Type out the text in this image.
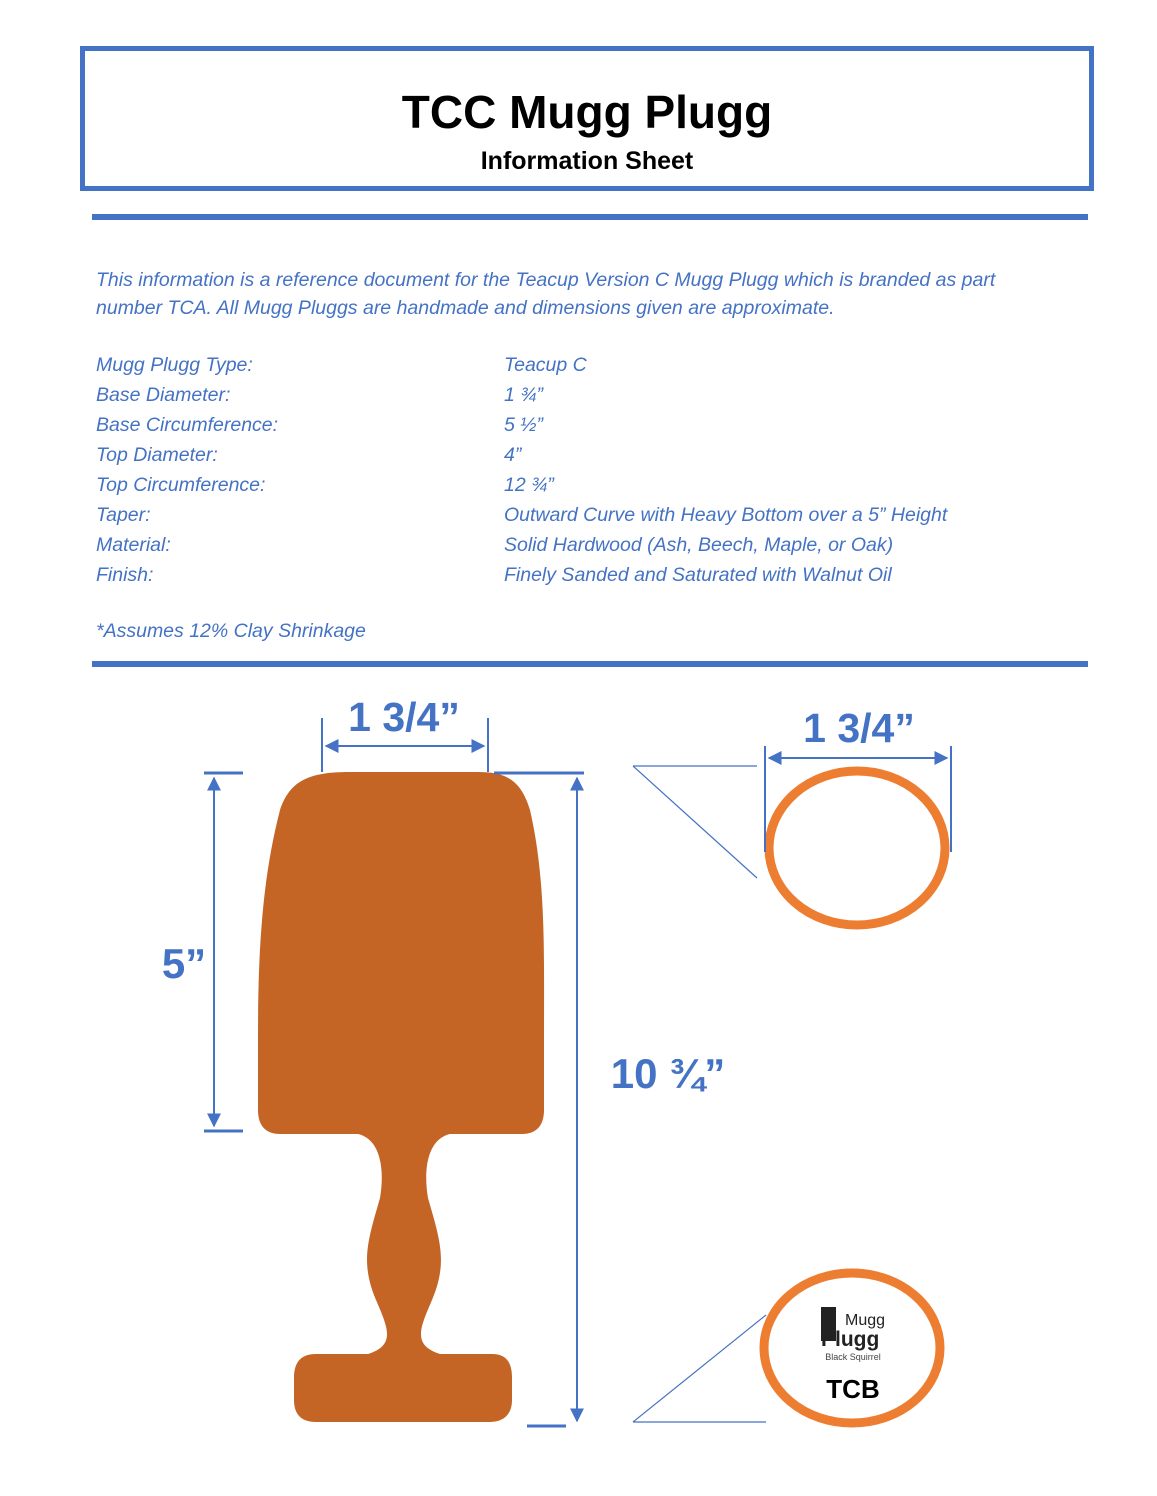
TCC Mugg Plugg
Information Sheet
This information is a reference document for the Teacup Version C Mugg Plugg which is branded as part
number TCA. All Mugg Pluggs are handmade and dimensions given are approximate.
Mugg Plugg Type:	Teacup C
Base Diameter:	1 ¾”
Base Circumference:	5 ½”
Top Diameter:	4”
Top Circumference:	12 ¾”
Taper:	Outward Curve with Heavy Bottom over a 5” Height
Material:	Solid Hardwood (Ash, Beech, Maple, or Oak)
Finish:	Finely Sanded and Saturated with Walnut Oil
*Assumes 12% Clay Shrinkage
1 3/4”
5”
10 ¾”
1 3/4”
Mugg
Plugg
Black Squirrel
TCB
